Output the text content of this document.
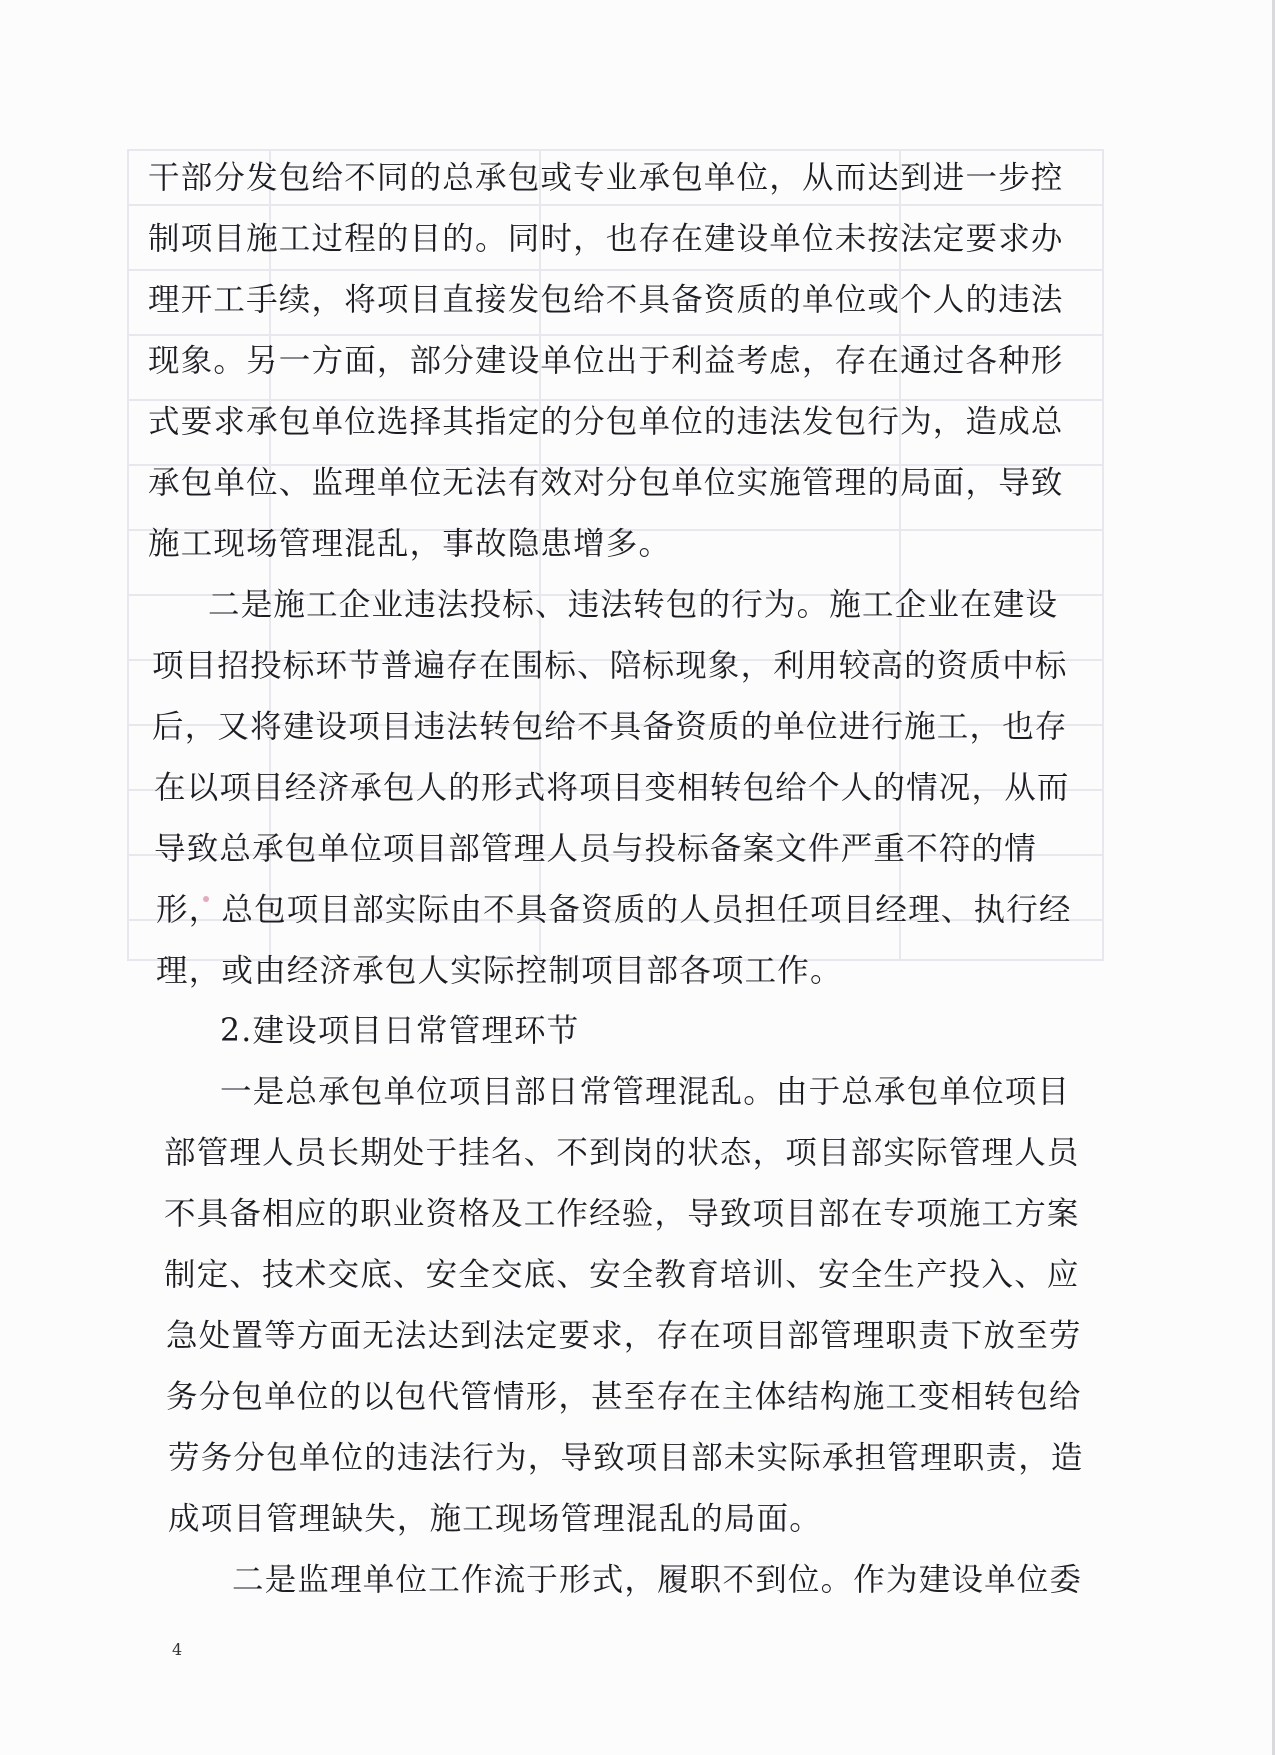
干部分发包给不同的总承包或专业承包单位，从而达到进一步控
制项目施工过程的目的。同时，也存在建设单位未按法定要求办
理开工手续，将项目直接发包给不具备资质的单位或个人的违法
现象。另一方面，部分建设单位出于利益考虑，存在通过各种形
式要求承包单位选择其指定的分包单位的违法发包行为，造成总
承包单位、监理单位无法有效对分包单位实施管理的局面，导致
施工现场管理混乱，事故隐患增多。
二是施工企业违法投标、违法转包的行为。施工企业在建设
项目招投标环节普遍存在围标、陪标现象，利用较高的资质中标
后，又将建设项目违法转包给不具备资质的单位进行施工，也存
在以项目经济承包人的形式将项目变相转包给个人的情况，从而
导致总承包单位项目部管理人员与投标备案文件严重不符的情
形，总包项目部实际由不具备资质的人员担任项目经理、执行经
理，或由经济承包人实际控制项目部各项工作。
2.建设项目日常管理环节
一是总承包单位项目部日常管理混乱。由于总承包单位项目
部管理人员长期处于挂名、不到岗的状态，项目部实际管理人员
不具备相应的职业资格及工作经验，导致项目部在专项施工方案
制定、技术交底、安全交底、安全教育培训、安全生产投入、应
急处置等方面无法达到法定要求，存在项目部管理职责下放至劳
务分包单位的以包代管情形，甚至存在主体结构施工变相转包给
劳务分包单位的违法行为，导致项目部未实际承担管理职责，造
成项目管理缺失，施工现场管理混乱的局面。
二是监理单位工作流于形式，履职不到位。作为建设单位委
4
